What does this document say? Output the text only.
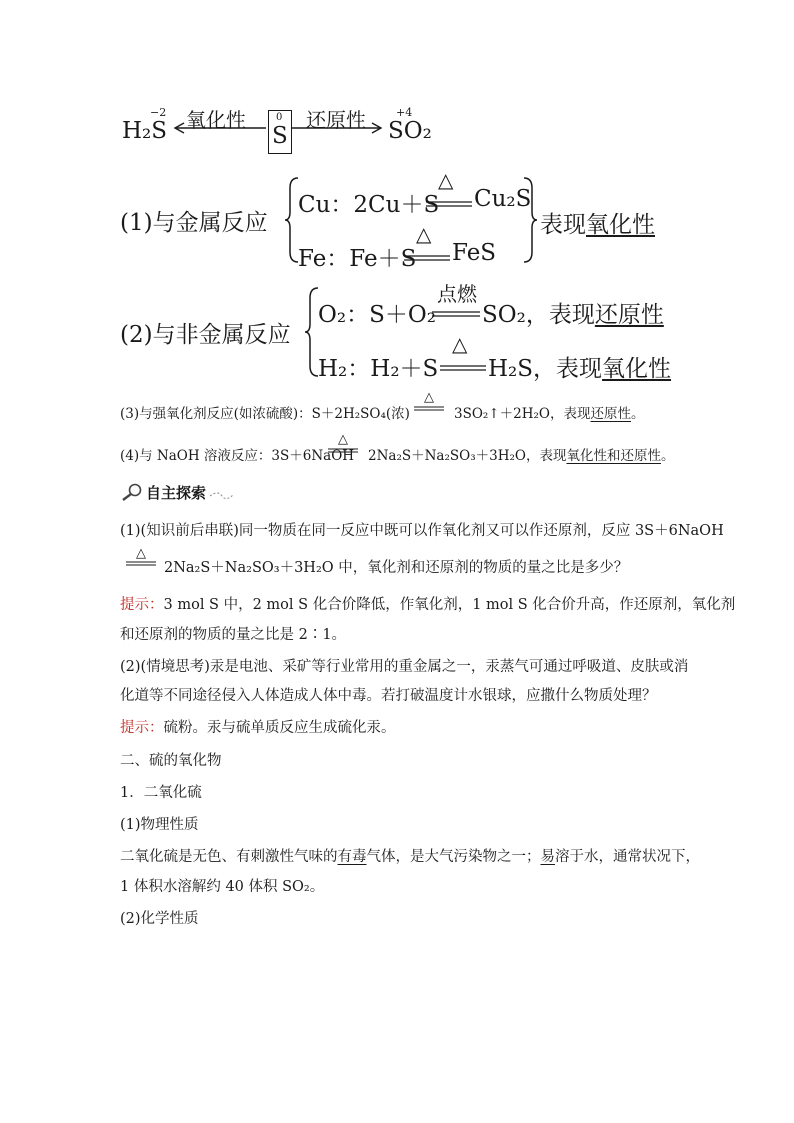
H₂S
−2 氧化性	0
S
还原性	+4
SO₂
(1)与金属反应
Cu：2Cu＋S
△
Cu₂S
Fe：Fe＋S
△
FeS
表现氧化性
(2)与非金属反应
O₂：S＋O₂
点燃
SO₂，表现还原性
H₂：H₂＋S
△
H₂S，表现氧化性
(3)与强氧化剂反应(如浓硫酸)：S＋2H₂SO₄(浓)
△
3SO₂↑＋2H₂O，表现还原性。
(4)与 NaOH 溶液反应：3S＋6NaOH
△
2Na₂S＋Na₂SO₃＋3H₂O，表现氧化性和还原性。
自主探索
(1)(知识前后串联)同一物质在同一反应中既可以作氧化剂又可以作还原剂，反应 3S＋6NaOH
△
2Na₂S＋Na₂SO₃＋3H₂O 中，氧化剂和还原剂的物质的量之比是多少？
提示：3 mol S 中，2 mol S 化合价降低，作氧化剂，1 mol S 化合价升高，作还原剂，氧化剂
和还原剂的物质的量之比是 2∶1。
(2)(情境思考)汞是电池、采矿等行业常用的重金属之一，汞蒸气可通过呼吸道、皮肤或消
化道等不同途径侵入人体造成人体中毒。若打破温度计水银球，应撒什么物质处理？
提示：硫粉。汞与硫单质反应生成硫化汞。
二、硫的氧化物
1．二氧化硫
(1)物理性质
二氧化硫是无色、有刺激性气味的有毒气体，是大气污染物之一；易溶于水，通常状况下，
1 体积水溶解约 40 体积 SO₂。
(2)化学性质
